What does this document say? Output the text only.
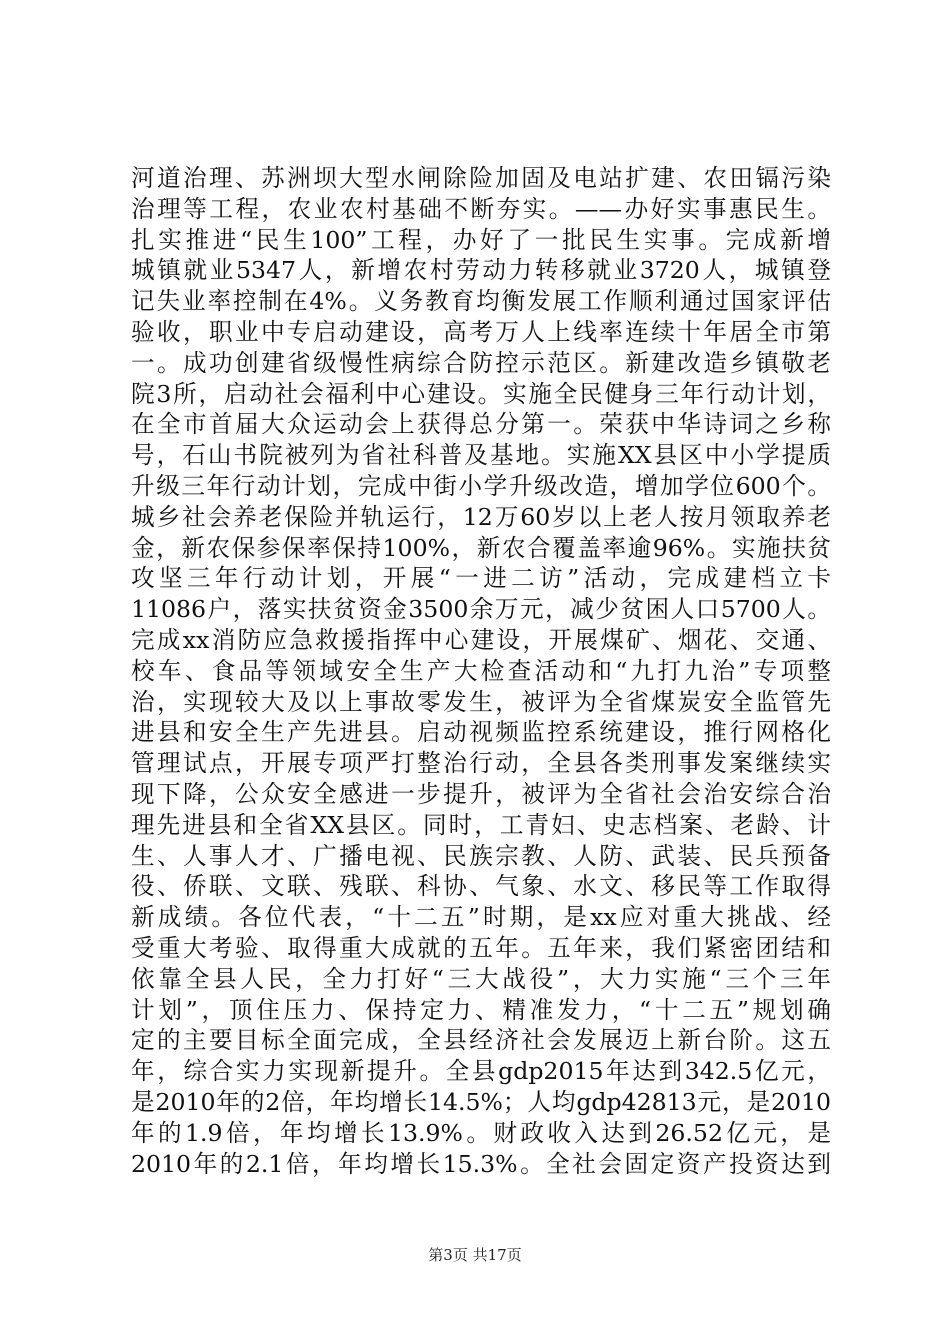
河道治理、苏洲坝大型水闸除险加固及电站扩建、农田镉污染
治理等工程，农业农村基础不断夯实。——办好实事惠民生。
扎实推进“民生100”工程，办好了一批民生实事。完成新增
城镇就业5347人，新增农村劳动力转移就业3720人，城镇登
记失业率控制在4%。义务教育均衡发展工作顺利通过国家评估
验收，职业中专启动建设，高考万人上线率连续十年居全市第
一。成功创建省级慢性病综合防控示范区。新建改造乡镇敬老
院3所，启动社会福利中心建设。实施全民健身三年行动计划，
在全市首届大众运动会上获得总分第一。荣获中华诗词之乡称
号，石山书院被列为省社科普及基地。实施XX县区中小学提质
升级三年行动计划，完成中街小学升级改造，增加学位600个。
城乡社会养老保险并轨运行，12万60岁以上老人按月领取养老
金，新农保参保率保持100%，新农合覆盖率逾96%。实施扶贫
攻坚三年行动计划，开展“一进二访”活动，完成建档立卡
11086户，落实扶贫资金3500余万元，减少贫困人口5700人。
完成xx消防应急救援指挥中心建设，开展煤矿、烟花、交通、
校车、食品等领域安全生产大检查活动和“九打九治”专项整
治，实现较大及以上事故零发生，被评为全省煤炭安全监管先
进县和安全生产先进县。启动视频监控系统建设，推行网格化
管理试点，开展专项严打整治行动，全县各类刑事发案继续实
现下降，公众安全感进一步提升，被评为全省社会治安综合治
理先进县和全省XX县区。同时，工青妇、史志档案、老龄、计
生、人事人才、广播电视、民族宗教、人防、武装、民兵预备
役、侨联、文联、残联、科协、气象、水文、移民等工作取得
新成绩。各位代表，“十二五”时期，是xx应对重大挑战、经
受重大考验、取得重大成就的五年。五年来，我们紧密团结和
依靠全县人民，全力打好“三大战役”，大力实施“三个三年
计划”，顶住压力、保持定力、精准发力，“十二五”规划确
定的主要目标全面完成，全县经济社会发展迈上新台阶。这五
年，综合实力实现新提升。全县gdp2015年达到342.5亿元，
是2010年的2倍，年均增长14.5%；人均gdp42813元，是2010
年的1.9倍，年均增长13.9%。财政收入达到26.52亿元，是
2010年的2.1倍，年均增长15.3%。全社会固定资产投资达到
第3页 共17页
